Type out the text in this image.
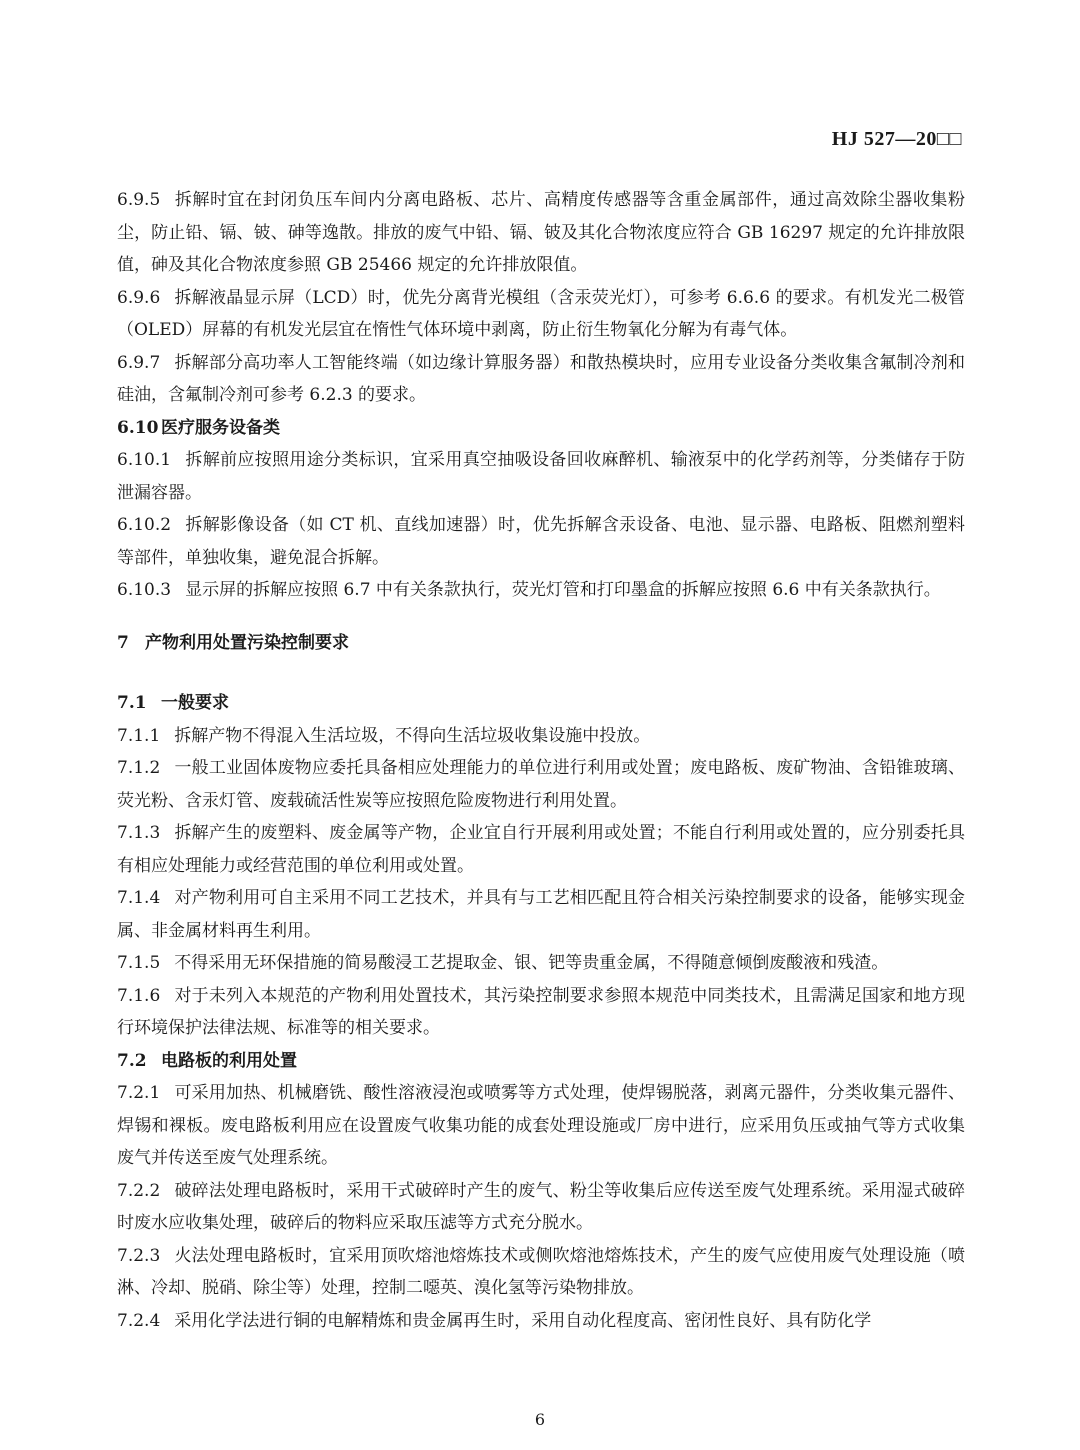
HJ 527—20□□

6.9.5 拆解时宜在封闭负压车间内分离电路板、芯片、高精度传感器等含重金属部件，通过高效除尘器收集粉尘，防止铅、镉、铍、砷等逸散。排放的废气中铅、镉、铍及其化合物浓度应符合 GB 16297 规定的允许排放限值，砷及其化合物浓度参照 GB 25466 规定的允许排放限值。

6.9.6 拆解液晶显示屏（LCD）时，优先分离背光模组（含汞荧光灯），可参考 6.6.6 的要求。有机发光二极管（OLED）屏幕的有机发光层宜在惰性气体环境中剥离，防止衍生物氧化分解为有毒气体。

6.9.7 拆解部分高功率人工智能终端（如边缘计算服务器）和散热模块时，应用专业设备分类收集含氟制冷剂和硅油，含氟制冷剂可参考 6.2.3 的要求。

6.10 医疗服务设备类

6.10.1 拆解前应按照用途分类标识，宜采用真空抽吸设备回收麻醉机、输液泵中的化学药剂等，分类储存于防泄漏容器。

6.10.2 拆解影像设备（如 CT 机、直线加速器）时，优先拆解含汞设备、电池、显示器、电路板、阻燃剂塑料等部件，单独收集，避免混合拆解。

6.10.3 显示屏的拆解应按照 6.7 中有关条款执行，荧光灯管和打印墨盒的拆解应按照 6.6 中有关条款执行。

7 产物利用处置污染控制要求

7.1 一般要求

7.1.1 拆解产物不得混入生活垃圾，不得向生活垃圾收集设施中投放。

7.1.2 一般工业固体废物应委托具备相应处理能力的单位进行利用或处置；废电路板、废矿物油、含铅锥玻璃、荧光粉、含汞灯管、废载硫活性炭等应按照危险废物进行利用处置。

7.1.3 拆解产生的废塑料、废金属等产物，企业宜自行开展利用或处置；不能自行利用或处置的，应分别委托具有相应处理能力或经营范围的单位利用或处置。

7.1.4 对产物利用可自主采用不同工艺技术，并具有与工艺相匹配且符合相关污染控制要求的设备，能够实现金属、非金属材料再生利用。

7.1.5 不得采用无环保措施的简易酸浸工艺提取金、银、钯等贵重金属，不得随意倾倒废酸液和残渣。

7.1.6 对于未列入本规范的产物利用处置技术，其污染控制要求参照本规范中同类技术，且需满足国家和地方现行环境保护法律法规、标准等的相关要求。

7.2 电路板的利用处置

7.2.1 可采用加热、机械磨铣、酸性溶液浸泡或喷雾等方式处理，使焊锡脱落，剥离元器件，分类收集元器件、焊锡和裸板。废电路板利用应在设置废气收集功能的成套处理设施或厂房中进行，应采用负压或抽气等方式收集废气并传送至废气处理系统。

7.2.2 破碎法处理电路板时，采用干式破碎时产生的废气、粉尘等收集后应传送至废气处理系统。采用湿式破碎时废水应收集处理，破碎后的物料应采取压滤等方式充分脱水。

7.2.3 火法处理电路板时，宜采用顶吹熔池熔炼技术或侧吹熔池熔炼技术，产生的废气应使用废气处理设施（喷淋、冷却、脱硝、除尘等）处理，控制二噁英、溴化氢等污染物排放。

7.2.4 采用化学法进行铜的电解精炼和贵金属再生时，采用自动化程度高、密闭性良好、具有防化学

6
